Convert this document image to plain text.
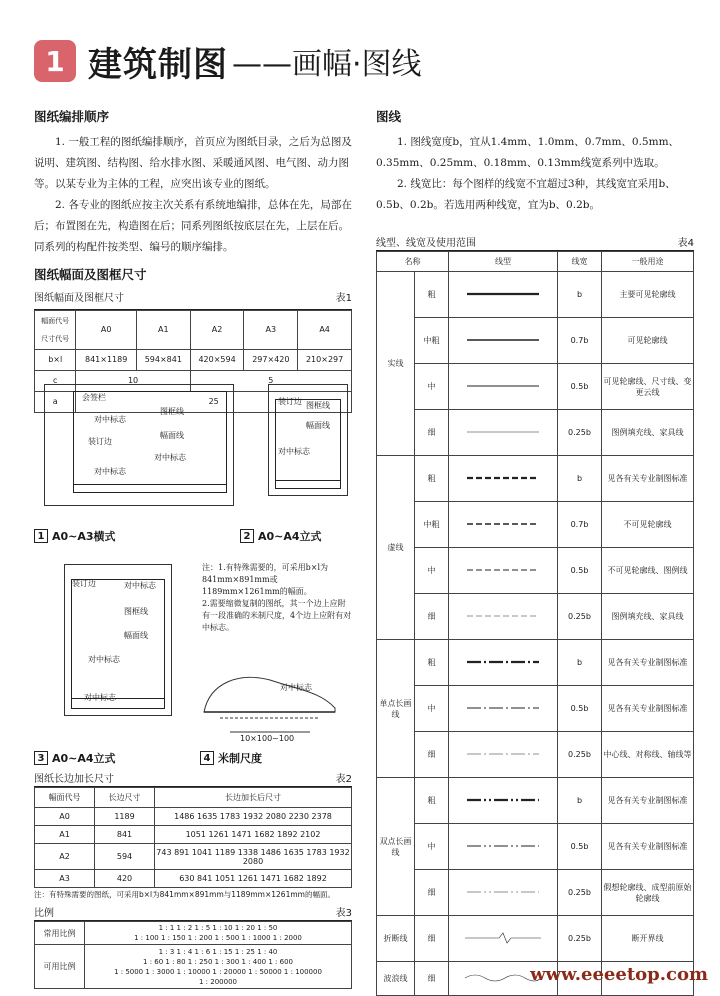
1 建筑制图 ——画幅·图线
图纸编排顺序
1. 一般工程的图纸编排顺序，首页应为图纸目录，之后为总图及说明、建筑图、结构图、给水排水图、采暖通风图、电气图、动力图等。以某专业为主体的工程，应突出该专业的图纸。
2. 各专业的图纸应按主次关系有系统地编排，总体在先，局部在后；布置图在先，构造图在后；同系列图纸按底层在先，上层在后。同系列的构配件按类型、编号的顺序编排。
图纸幅面及图框尺寸
图纸幅面及图框尺寸	表1
幅面代号
尺寸代号	A0	A1	A2	A3	A4
b×l	841×1189	594×841	420×594	297×420	210×297
c	10		5		
a	25				
会签栏
对中标志
装订边
图框线
幅面线
对中标志
对中标志
1 A0~A3横式
装订边 图框线
幅面线
对中标志
2 A0~A4立式
装订边	对中标志
图框线
幅面线
对中标志
对中标志
3 A0~A4立式
注：1.有特殊需要的，可采用b×l为841mm×891mm或1189mm×1261mm的幅面。
2.需要缩微复制的图纸，其一个边上应附有一段准确的米制尺度，4个边上应附有对中标志。
对中标志
10×100~100
4 米制尺度
图纸长边加长尺寸	表2
幅面代号	长边尺寸	长边加长后尺寸
A0	1189	1486 1635 1783 1932 2080 2230 2378
A1	841	1051 1261 1471 1682 1892 2102
A2	594	743 891 1041 1189 1338 1486 1635 1783 1932 2080
A3	420	630 841 1051 1261 1471 1682 1892
注：有特殊需要的图纸，可采用b×l为841mm×891mm与1189mm×1261mm的幅面。
比例	表3
常用比例	1 : 1 1 : 2 1 : 5 1 : 10 1 : 20 1 : 50
1 : 100 1 : 150 1 : 200 1 : 500 1 : 1000 1 : 2000
可用比例	1 : 3 1 : 4 1 : 6 1 : 15 1 : 25 1 : 40
1 : 60 1 : 80 1 : 250 1 : 300 1 : 400 1 : 600
1 : 5000 1 : 3000 1 : 10000 1 : 20000 1 : 50000 1 : 100000
1 : 200000
图线
1. 图线宽度b，宜从1.4mm、1.0mm、0.7mm、0.5mm、0.35mm、0.25mm、0.18mm、0.13mm线宽系列中选取。
2. 线宽比：每个图样的线宽不宜超过3种，其线宽宜采用b、0.5b、0.2b。若选用两种线宽，宜为b、0.2b。
线型、线宽及使用范围	表4
名称		线型	线宽	一般用途
实线	粗		b	主要可见轮廓线
	中粗		0.7b	可见轮廓线
	中		0.5b	可见轮廓线、尺寸线、变更云线
	细		0.25b	图例填充线、家具线
虚线	粗		b	见各有关专业制图标准
	中粗		0.7b	不可见轮廓线
	中		0.5b	不可见轮廓线、图例线
	细		0.25b	图例填充线、家具线
单点长画线	粗		b	见各有关专业制图标准
	中		0.5b	见各有关专业制图标准
	细		0.25b	中心线、对称线、轴线等
双点长画线	粗		b	见各有关专业制图标准
	中		0.5b	见各有关专业制图标准
	细		0.25b	假想轮廓线、成型前原始轮廓线
折断线	细		0.25b	断开界线
波浪线	细				www.eeeetop.com
